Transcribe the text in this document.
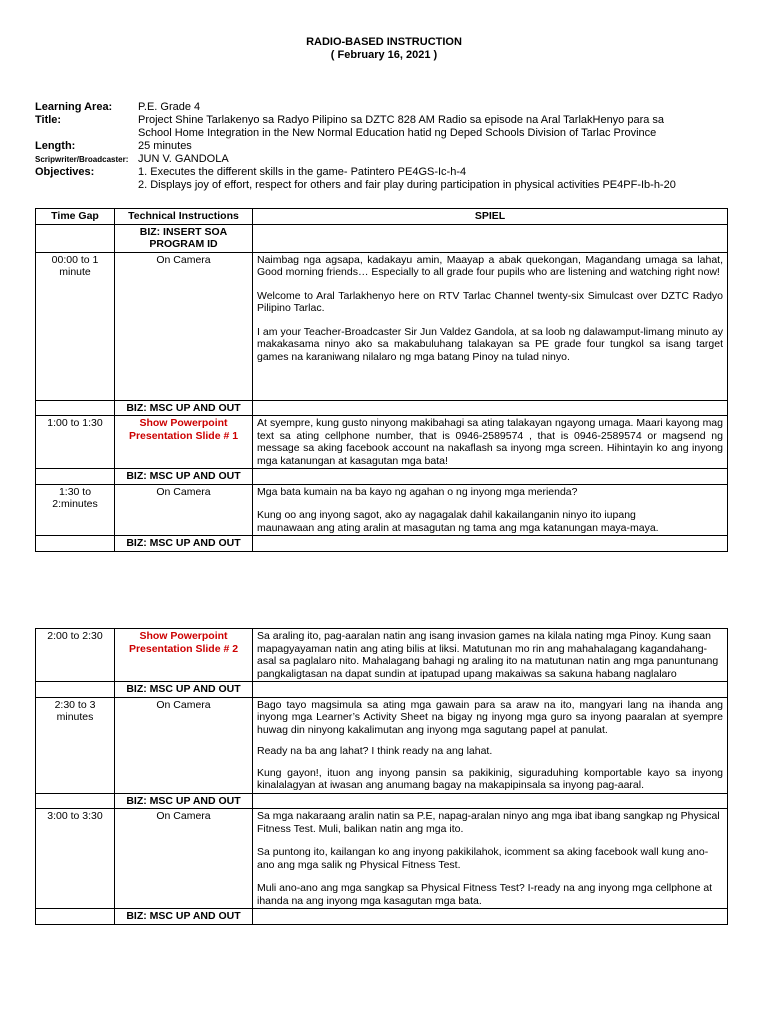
RADIO-BASED INSTRUCTION
( February 16, 2021 )
Learning Area:	P.E. Grade 4
Title:	Project Shine Tarlakenyo sa Radyo Pilipino sa DZTC 828 AM Radio sa episode na Aral TarlakHenyo para sa
School Home Integration in the New Normal Education hatid ng Deped Schools Division of Tarlac Province
Length:	25 minutes
Scripwriter/Broadcaster: JUN V. GANDOLA
Objectives:	1. Executes the different skills in the game- Patintero PE4GS-Ic-h-4
2. Displays joy of effort, respect for others and fair play during participation in physical activities PE4PF-Ib-h-20
Time Gap	Technical Instructions	SPIEL
	BIZ: INSERT SOA PROGRAM ID	
00:00 to 1 minute	On Camera	Naimbag nga agsapa, kadakayu amin, Maayap a abak quekongan, Magandang umaga sa lahat, Good morning friends… Especially to all grade four pupils who are listening and watching right now!

Welcome to Aral Tarlakhenyo here on RTV Tarlac Channel twenty-six Simulcast over DZTC Radyo Pilipino Tarlac.

I am your Teacher-Broadcaster Sir Jun Valdez Gandola, at sa loob ng dalawamput-limang minuto ay makakasama ninyo ako sa makabuluhang talakayan sa PE grade four tungkol sa isang target games na karaniwang nilalaro ng mga batang Pinoy na tulad ninyo.

	BIZ: MSC UP AND OUT	
1:00 to 1:30	Show Powerpoint Presentation Slide # 1	At syempre, kung gusto ninyong makibahagi sa ating talakayan ngayong umaga. Maari kayong mag text sa ating cellphone number, that is 0946-2589574 , that is 0946-2589574 or magsend ng message sa aking facebook account na nakaflash sa inyong mga screen. Hihintayin ko ang inyong mga katanungan at kasagutan mga bata!

	BIZ: MSC UP AND OUT	
1:30 to 2:minutes	On Camera	Mga bata kumain na ba kayo ng agahan o ng inyong mga merienda?

Kung oo ang inyong sagot, ako ay nagagalak dahil kakailanganin ninyo ito iupang
maunawaan ang ating aralin at masagutan ng tama ang mga katanungan maya-maya.

	BIZ: MSC UP AND OUT	
2:00 to 2:30	Show Powerpoint Presentation Slide # 2	Sa araling ito, pag-aaralan natin ang isang invasion games na kilala nating mga Pinoy. Kung saan mapagyayaman natin ang ating bilis at liksi. Matutunan mo rin ang mahahalagang kagandahang-asal sa paglalaro nito. Mahalagang bahagi ng araling ito na matutunan natin ang mga panuntunang pangkaligtasan na dapat sundin at ipatupad upang makaiwas sa sakuna habang naglalaro

	BIZ: MSC UP AND OUT	
2:30 to 3 minutes	On Camera	Bago tayo magsimula sa ating mga gawain para sa araw na ito, mangyari lang na ihanda ang inyong mga Learner’s Activity Sheet na bigay ng inyong mga guro sa inyong paaralan at syempre huwag din ninyong kakalimutan ang inyong mga sagutang papel at panulat.

Ready na ba ang lahat? I think ready na ang lahat.

Kung gayon!, ituon ang inyong pansin sa pakikinig, siguraduhing komportable kayo sa inyong kinalalagyan at iwasan ang anumang bagay na makapipinsala sa inyong pag-aaral.

	BIZ: MSC UP AND OUT	
3:00 to 3:30	On Camera	Sa mga nakaraang aralin natin sa P.E, napag-aralan ninyo ang mga ibat ibang sangkap ng Physical Fitness Test. Muli, balikan natin ang mga ito.

Sa puntong ito, kailangan ko ang inyong pakikilahok, icomment sa aking facebook wall kung ano-ano ang mga salik ng Physical Fitness Test.

Muli ano-ano ang mga sangkap sa Physical Fitness Test? I-ready na ang inyong mga cellphone at ihanda na ang inyong mga kasagutan mga bata.

	BIZ: MSC UP AND OUT	
